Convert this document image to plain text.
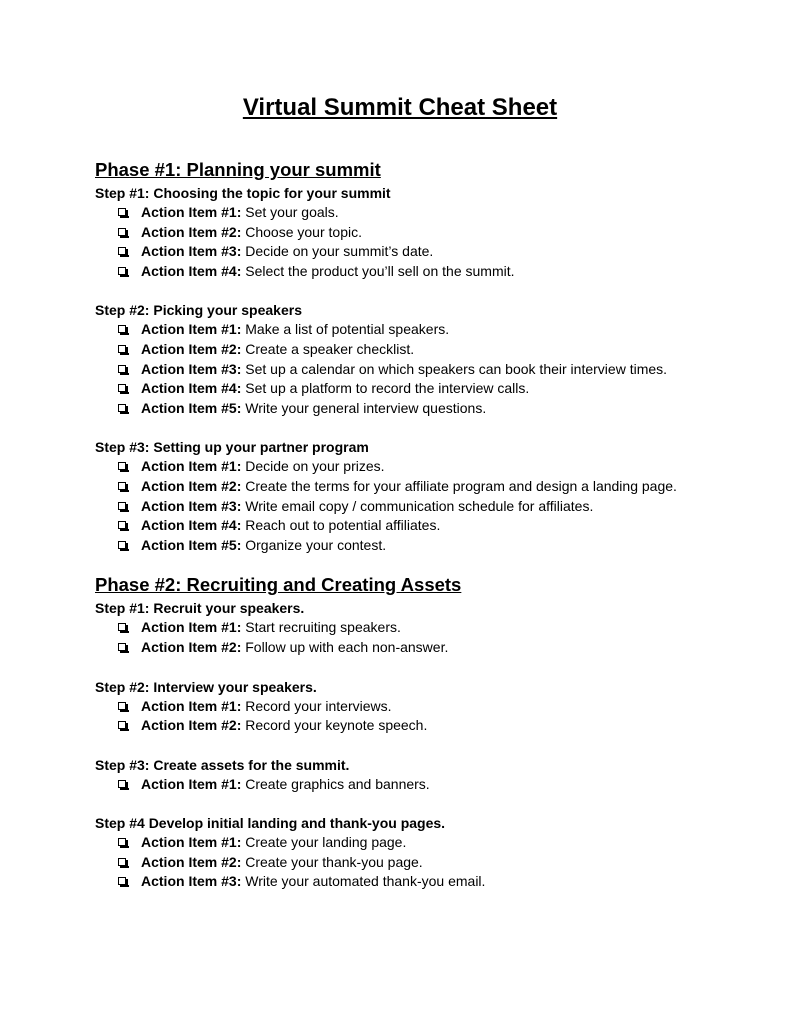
Virtual Summit Cheat Sheet
Phase #1: Planning your summit
Step #1: Choosing the topic for your summit
Action Item #1: Set your goals.
Action Item #2: Choose your topic.
Action Item #3: Decide on your summit’s date.
Action Item #4: Select the product you’ll sell on the summit.
Step #2: Picking your speakers
Action Item #1: Make a list of potential speakers.
Action Item #2: Create a speaker checklist.
Action Item #3: Set up a calendar on which speakers can book their interview times.
Action Item #4: Set up a platform to record the interview calls.
Action Item #5: Write your general interview questions.
Step #3: Setting up your partner program
Action Item #1: Decide on your prizes.
Action Item #2: Create the terms for your affiliate program and design a landing page.
Action Item #3: Write email copy / communication schedule for affiliates.
Action Item #4: Reach out to potential affiliates.
Action Item #5: Organize your contest.
Phase #2: Recruiting and Creating Assets
Step #1: Recruit your speakers.
Action Item #1: Start recruiting speakers.
Action Item #2: Follow up with each non-answer.
Step #2: Interview your speakers.
Action Item #1: Record your interviews.
Action Item #2: Record your keynote speech.
Step #3: Create assets for the summit.
Action Item #1: Create graphics and banners.
Step #4 Develop initial landing and thank-you pages.
Action Item #1: Create your landing page.
Action Item #2: Create your thank-you page.
Action Item #3: Write your automated thank-you email.
